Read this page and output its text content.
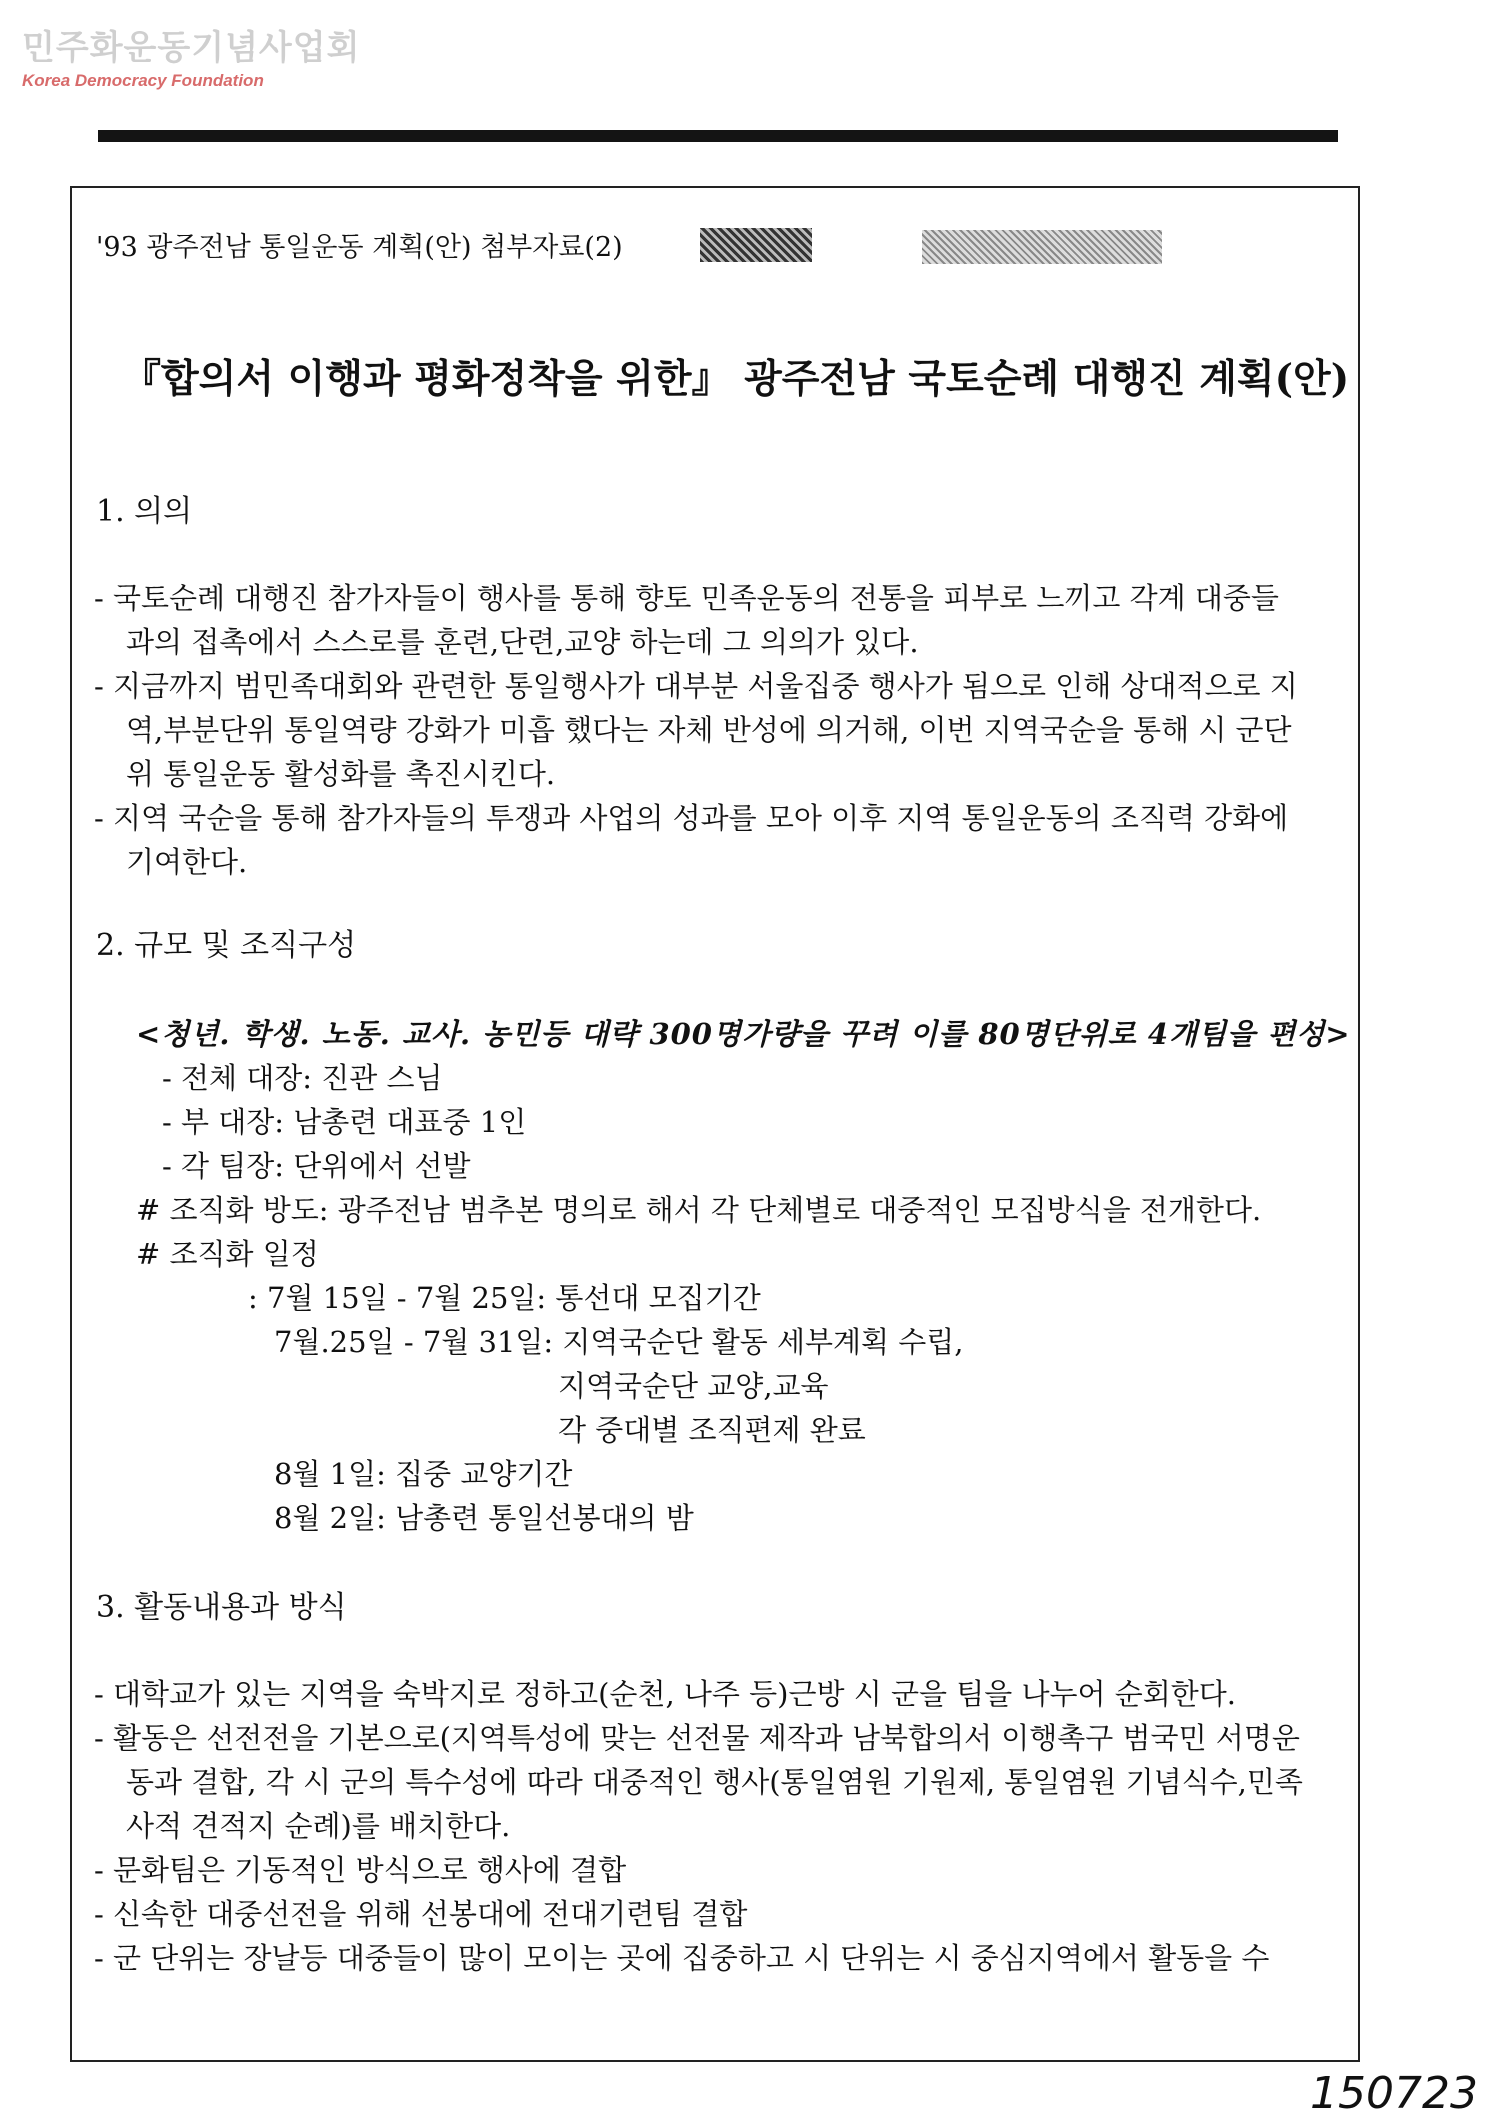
민주화운동기념사업회
Korea Democracy Foundation
'93 광주전남 통일운동 계획(안) 첨부자료(2)
『합의서 이행과 평화정착을 위한』 광주전남 국토순례 대행진 계획(안)
1. 의의
- 국토순례 대행진 참가자들이 행사를 통해 향토 민족운동의 전통을 피부로 느끼고 각계 대중들
과의 접촉에서 스스로를 훈련,단련,교양 하는데 그 의의가 있다.
- 지금까지 범민족대회와 관련한 통일행사가 대부분 서울집중 행사가 됨으로 인해 상대적으로 지
역,부분단위 통일역량 강화가 미흡 했다는 자체 반성에 의거해, 이번 지역국순을 통해 시 군단
위 통일운동 활성화를 촉진시킨다.
- 지역 국순을 통해 참가자들의 투쟁과 사업의 성과를 모아 이후 지역 통일운동의 조직력 강화에
기여한다.
2. 규모 및 조직구성
<청년. 학생. 노동. 교사. 농민등 대략 300명가량을 꾸려 이를 80명단위로 4개팀을 편성>
- 전체 대장: 진관 스님
- 부 대장: 남총련 대표중 1인
- 각 팀장: 단위에서 선발
# 조직화 방도: 광주전남 범추본 명의로 해서 각 단체별로 대중적인 모집방식을 전개한다.
# 조직화 일정
: 7월 15일 - 7월 25일: 통선대 모집기간
7월.25일 - 7월 31일: 지역국순단 활동 세부계획 수립,
지역국순단 교양,교육
각 중대별 조직편제 완료
8월 1일: 집중 교양기간
8월 2일: 남총련 통일선봉대의 밤
3. 활동내용과 방식
- 대학교가 있는 지역을 숙박지로 정하고(순천, 나주 등)근방 시 군을 팀을 나누어 순회한다.
- 활동은 선전전을 기본으로(지역특성에 맞는 선전물 제작과 남북합의서 이행촉구 범국민 서명운
동과 결합, 각 시 군의 특수성에 따라 대중적인 행사(통일염원 기원제, 통일염원 기념식수,민족
사적 견적지 순례)를 배치한다.
- 문화팀은 기동적인 방식으로 행사에 결합
- 신속한 대중선전을 위해 선봉대에 전대기련팀 결합
- 군 단위는 장날등 대중들이 많이 모이는 곳에 집중하고 시 단위는 시 중심지역에서 활동을 수
150723
